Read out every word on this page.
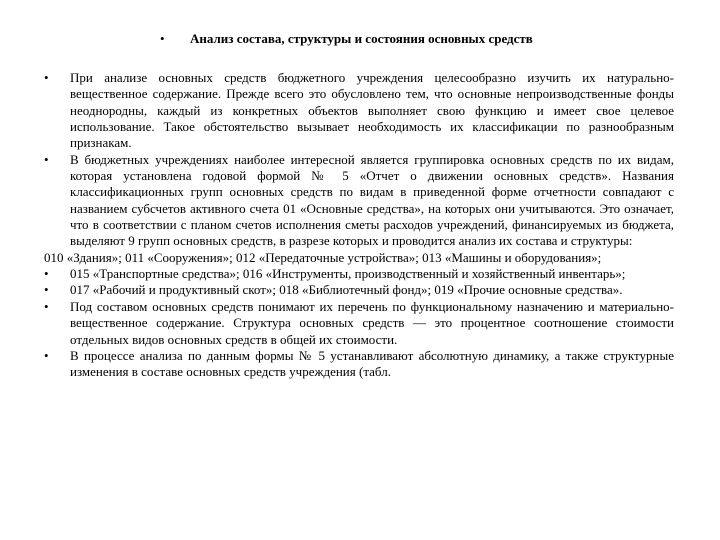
• Анализ состава, структуры и состояния основных средств
• При анализе основных средств бюджетного учреждения целесообразно изучить их натурально-вещественное содержание. Прежде всего это обусловлено тем, что основные непроизводственные фонды неоднородны, каждый из конкретных объектов выполняет свою функцию и имеет свое целевое использование. Такое обстоятельство вызывает необходимость их классификации по разнообразным признакам.
• В бюджетных учреждениях наиболее интересной является группировка основных средств по их видам, которая установлена годовой формой № 5 «Отчет о движении основных средств». Названия классификационных групп основных средств по видам в приведенной форме отчетности совпадают с названием субсчетов активного счета 01 «Основные средства», на которых они учитываются. Это означает, что в соответствии с планом счетов исполнения сметы расходов учреждений, финансируемых из бюджета, выделяют 9 групп основных средств, в разрезе которых и проводится анализ их состава и структуры:
010 «Здания»; 011 «Сооружения»; 012 «Передаточные устройства»; 013 «Машины и оборудования»;
• 015 «Транспортные средства»; 016 «Инструменты, производственный и хозяйственный инвентарь»;
• 017 «Рабочий и продуктивный скот»; 018 «Библиотечный фонд»; 019 «Прочие основные средства».
• Под составом основных средств понимают их перечень по функциональному назначению и материально-вещественное содержание. Структура основных средств — это процентное соотношение стоимости отдельных видов основных средств в общей их стоимости.
• В процессе анализа по данным формы № 5 устанавливают абсолютную динамику, а также структурные изменения в составе основных средств учреждения (табл.
